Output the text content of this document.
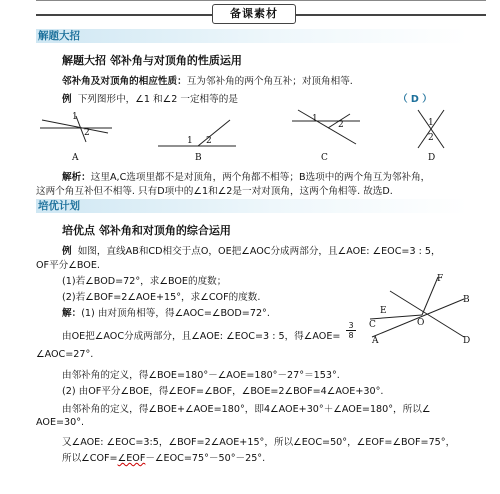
备课素材
解题大招
解题大招 邻补角与对顶角的性质运用
邻补角及对顶角的相应性质：互为邻补角的两个角互补；对顶角相等.
例 下列图形中，∠1 和∠2 一定相等的是	（ D ）
1
2
1 2
1
2	1
2
A	B	C	D
解析：这里A,C选项里都不是对顶角，两个角都不相等；B选项中的两个角互为邻补角，
这两个角互补但不相等. 只有D项中的∠1和∠2是一对对顶角，这两个角相等. 故选D.
培优计划
培优点 邻补角和对顶角的综合运用
例 如图，直线AB和CD相交于点O，OE把∠AOC分成两部分，且∠AOE: ∠EOC=3 : 5，
OF平分∠BOE.
(1)若∠BOD=72°，求∠BOE的度数；
(2)若∠BOF=2∠AOE+15°，求∠COF的度数.
解：(1) 由对顶角相等，得∠AOC=∠BOD=72°.
由OE把∠AOC分成两部分，且∠AOE: ∠EOC=3 : 5，得∠AOE= $\frac{3}{8}$
∠AOC=27°.
由邻补角的定义，得∠BOE=180°－∠AOE=180°－27°＝153°.
(2) 由OF平分∠BOE，得∠EOF=∠BOF，∠BOE=2∠BOF=4∠AOE+30°.
由邻补角的定义，得∠BOE+∠AOE=180°，即4∠AOE+30°＋∠AOE=180°，所以∠
AOE=30°.
又∠AOE: ∠EOC=3:5，∠BOF=2∠AOE+15°，所以∠EOC=50°，∠EOF=∠BOF=75°，
所以∠COF=∠EOF－∠EOC=75°－50°－25°.
F
E
B
C
A	D
O
